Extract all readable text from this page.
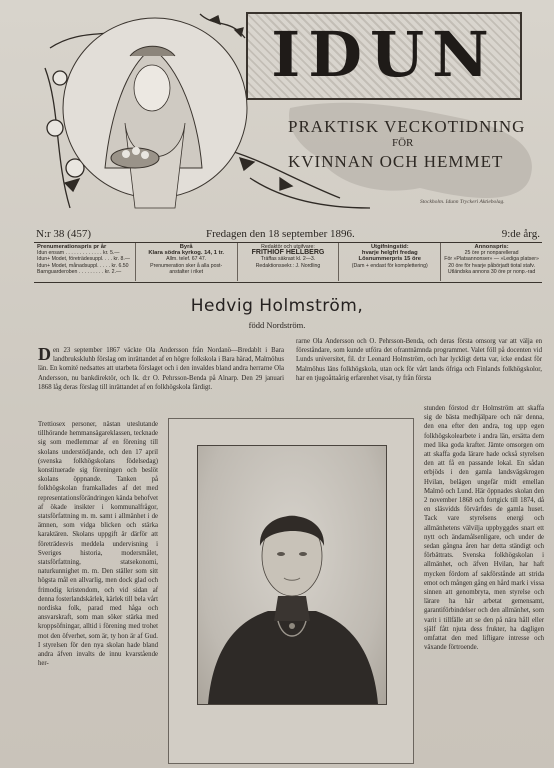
IDUN
PRAKTISK VECKOTIDNING
FÖR
KVINNAN OCH HEMMET
Stockholm. Idunn Tryckeri Aktiebolag.
N:r 38 (457)	Fredagen den 18 september 1896.	9:de årg.
Prenumerationspris pr år
Idun ensam . . . . . . . . . . . . . kr. 5.—
Idun+ Modet, företrädesuppl. . . . kr. 8.—
Idun+ Modet, månadsuppl. . . . . kr. 6.50
Barnguarderoben . . . . . . . . . kr. 2.—
Byrå
Klara södra kyrkog. 14, 1 tr.
Allm. telef. 67 47.
Prenumeration sker å alla post-
anstalter i riket
Redaktör och utgifvare:
FRITHIOF HELLBERG
Träffas säkrast kl. 2—3.
Redaktionssekr.: J. Nordling
Utgifningstid:
hvarje helgfri fredag
Lösnummerpris 15 öre
(Dam + endast för komplettering)
Annonspris:
25 öre pr nonparellerad
För »Platsannonser» — »Lediga platser»
20 öre för hvarje påbörjadt tiotal stafv.
Utländska annons 30 öre pr nonp.-rad
Hedvig Holmström,
född Nordström.
Den 23 september 1867 väckte Ola Andersson från Nordanö—Bredablt i Bara landbrukskluhb förslag om inrättandet af en högre folkskola i Bara härad, Malmöhus län. En komité nedsattes att utarbeta förslaget och i den invaldes bland andra herrarne Ola Andersson, nu bankdirektör, och lk. d:r O. Pehrsson-Benda på Alnarp. Den 29 januari 1868 låg deras förslag till inrättandet af en folkhögskola färdigt.
rarne Ola Andersson och O. Pehrsson-Benda, och deras första omsorg var att välja en föreståndare, som kunde utföra det ofrantnämnda programmet. Valet föll på docenten vid Lunds universitet, fil. d:r Leonard Holmström, och har lyckligt detta var, icke endast för Malmöhus läns folkhögskola, utan ock för vårt lands öfriga och Finlands folkhögskolor, har en tjugoåttaårig erfarenhet visat, ty från första
Trettiosex personer, nästan uteslutande tillhörande hemmansägareklassen, tecknade sig som medlemmar af en förening till skolans understödjande, och den 17 april (svenska folkhögskolans födelsedag) konstituerade sig föreningen och beslöt skolans öppnande. Tanken på folkhögskolan framkallades af det med representationsförändringen kända behofvet af ökade insikter i kommunalfrågor, statsförfattning m. m. samt i allmänhet i de ämnen, som vidga blicken och stärka karaktären. Skolans uppgift är därför att företrädesvis meddela undervisning i Sveriges historia, modersmålet, statsförfattning, statsekonomi, naturkunnighet m. m. Den ställer som sitt högsta mål en allvarlig, men dock glad och frimodig kristendom, och vid sidan af denna fosterlandskärlek, kärlek till bela vårt nordiska folk, parad med håga och ansvarskraft, som man söker stärka med kroppsöfningar, alltid i förening med trohet mot den öfverhet, som är, ty hon är af Gud. I styrelsen för den nya skolan hade bland andra äfven invalts de innu kvarstående her-
stunden förstod d:r Holmström att skaffa sig de bästa medhjälpare och när denna, den ena efter den andra, tog upp egen folkhögskolearbete i andra län, ersätta dem med lika goda krafter. Jämte omsorgen om att skaffa goda lärare hade också styrelsen den att få en passande lokal. En sådan erbjöds i den gamla landsvägskrogen Hvilan, belägen ungefär midt emellan Malmö och Lund. Här öppnades skolan den 2 november 1868 och fortgick till 1874, då en släsvidds förvärfdes de gamla huset. Tack vare styrelsens energi och allmänhetens välvilja uppbyggdes snart ett nytt och ändamålsenligare, och under de sedan gångna åren har detta ständigt och förbättrats. Svenska folkhögskolan i allmänhet, och äfven Hvilan, har haft mycken fördom af sakförstånde att strida emot och mången gång en hård mark i vissa sinnen att genombryta, men styrelse och lärare ha här arbetat gemensamt, garantiförbindelser och den allmänhet, som varit i tillfälle att se den på nära håll eller själf fått njuta dess frukter, ha dagligen omfattat den med lifligare intresse och växande förtroende.
